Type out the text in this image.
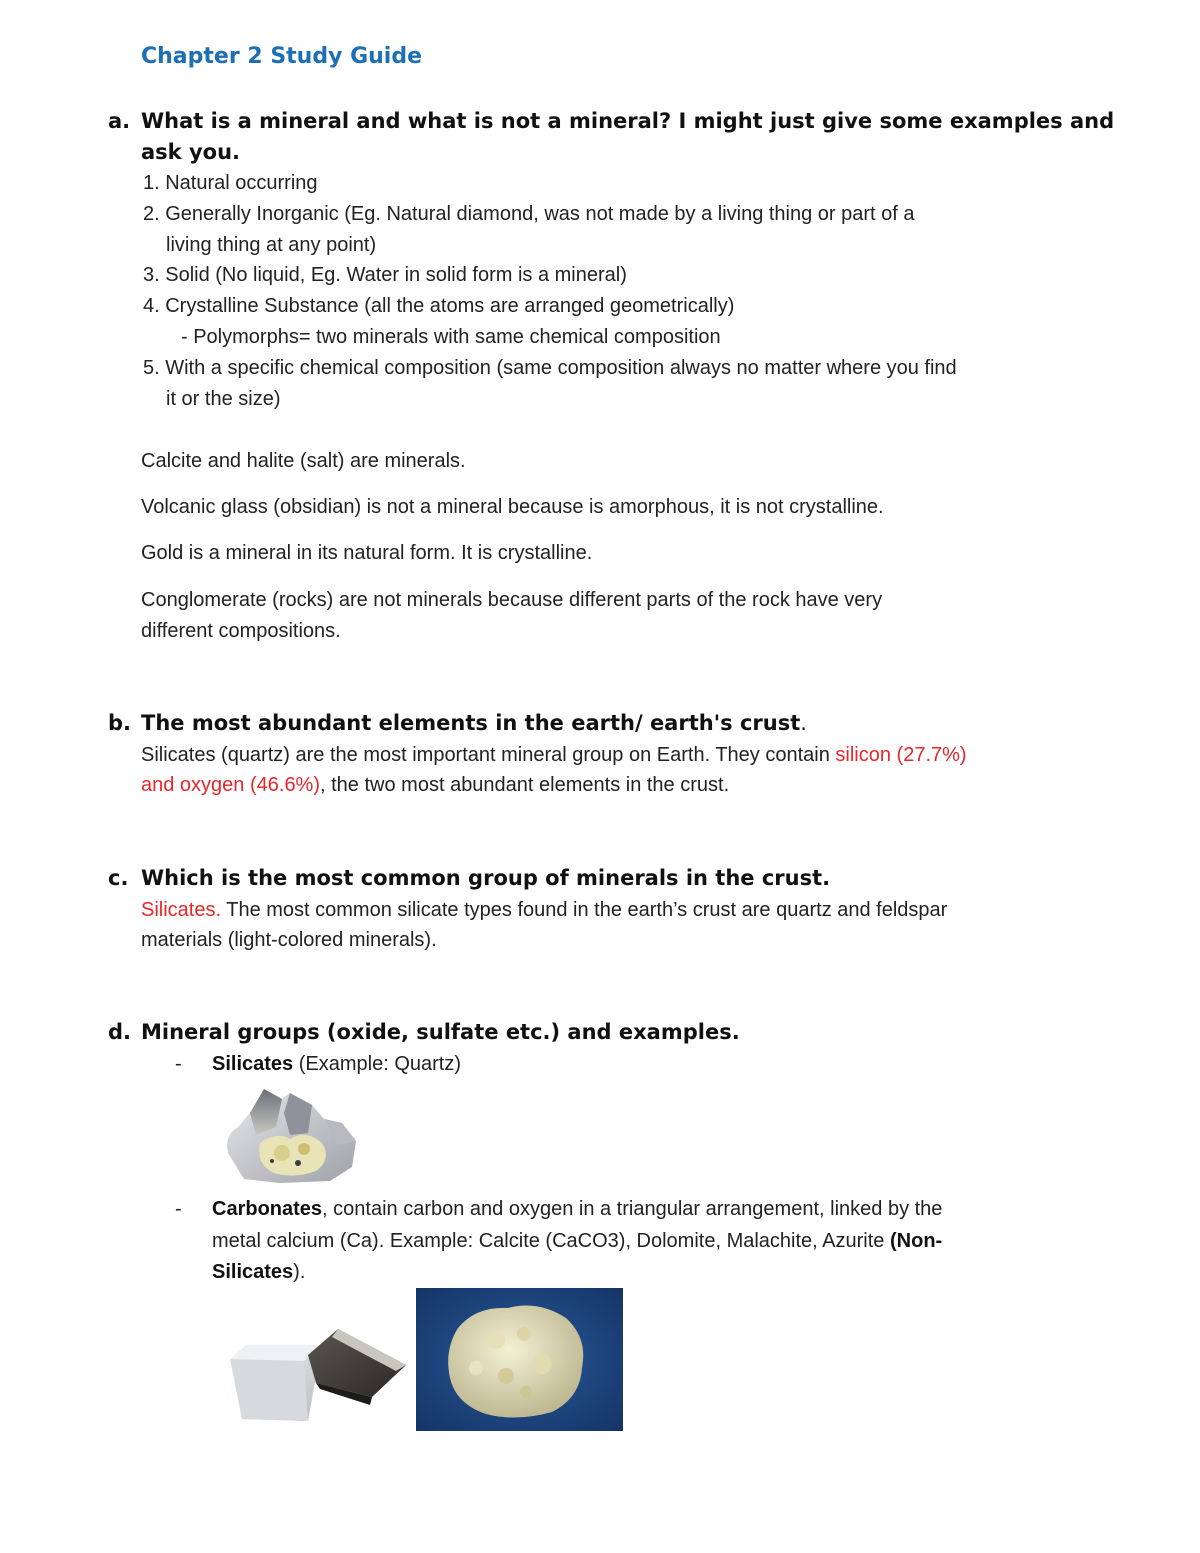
Chapter 2 Study Guide
a. What is a mineral and what is not a mineral? I might just give some examples and ask you.
1. Natural occurring
2. Generally Inorganic (Eg. Natural diamond, was not made by a living thing or part of a
living thing at any point)
3. Solid (No liquid, Eg. Water in solid form is a mineral)
4. Crystalline Substance (all the atoms are arranged geometrically)
- Polymorphs= two minerals with same chemical composition
5. With a specific chemical composition (same composition always no matter where you find
it or the size)
Calcite and halite (salt) are minerals.
Volcanic glass (obsidian) is not a mineral because is amorphous, it is not crystalline.
Gold is a mineral in its natural form. It is crystalline.
Conglomerate (rocks) are not minerals because different parts of the rock have very
different compositions.
b. The most abundant elements in the earth/ earth's crust.
Silicates (quartz) are the most important mineral group on Earth. They contain silicon (27.7%)
and oxygen (46.6%), the two most abundant elements in the crust.
c. Which is the most common group of minerals in the crust.
Silicates. The most common silicate types found in the earth’s crust are quartz and feldspar
materials (light-colored minerals).
d. Mineral groups (oxide, sulfate etc.) and examples.
- Silicates (Example: Quartz)
- Carbonates, contain carbon and oxygen in a triangular arrangement, linked by the
metal calcium (Ca). Example: Calcite (CaCO3), Dolomite, Malachite, Azurite (Non-
Silicates).
